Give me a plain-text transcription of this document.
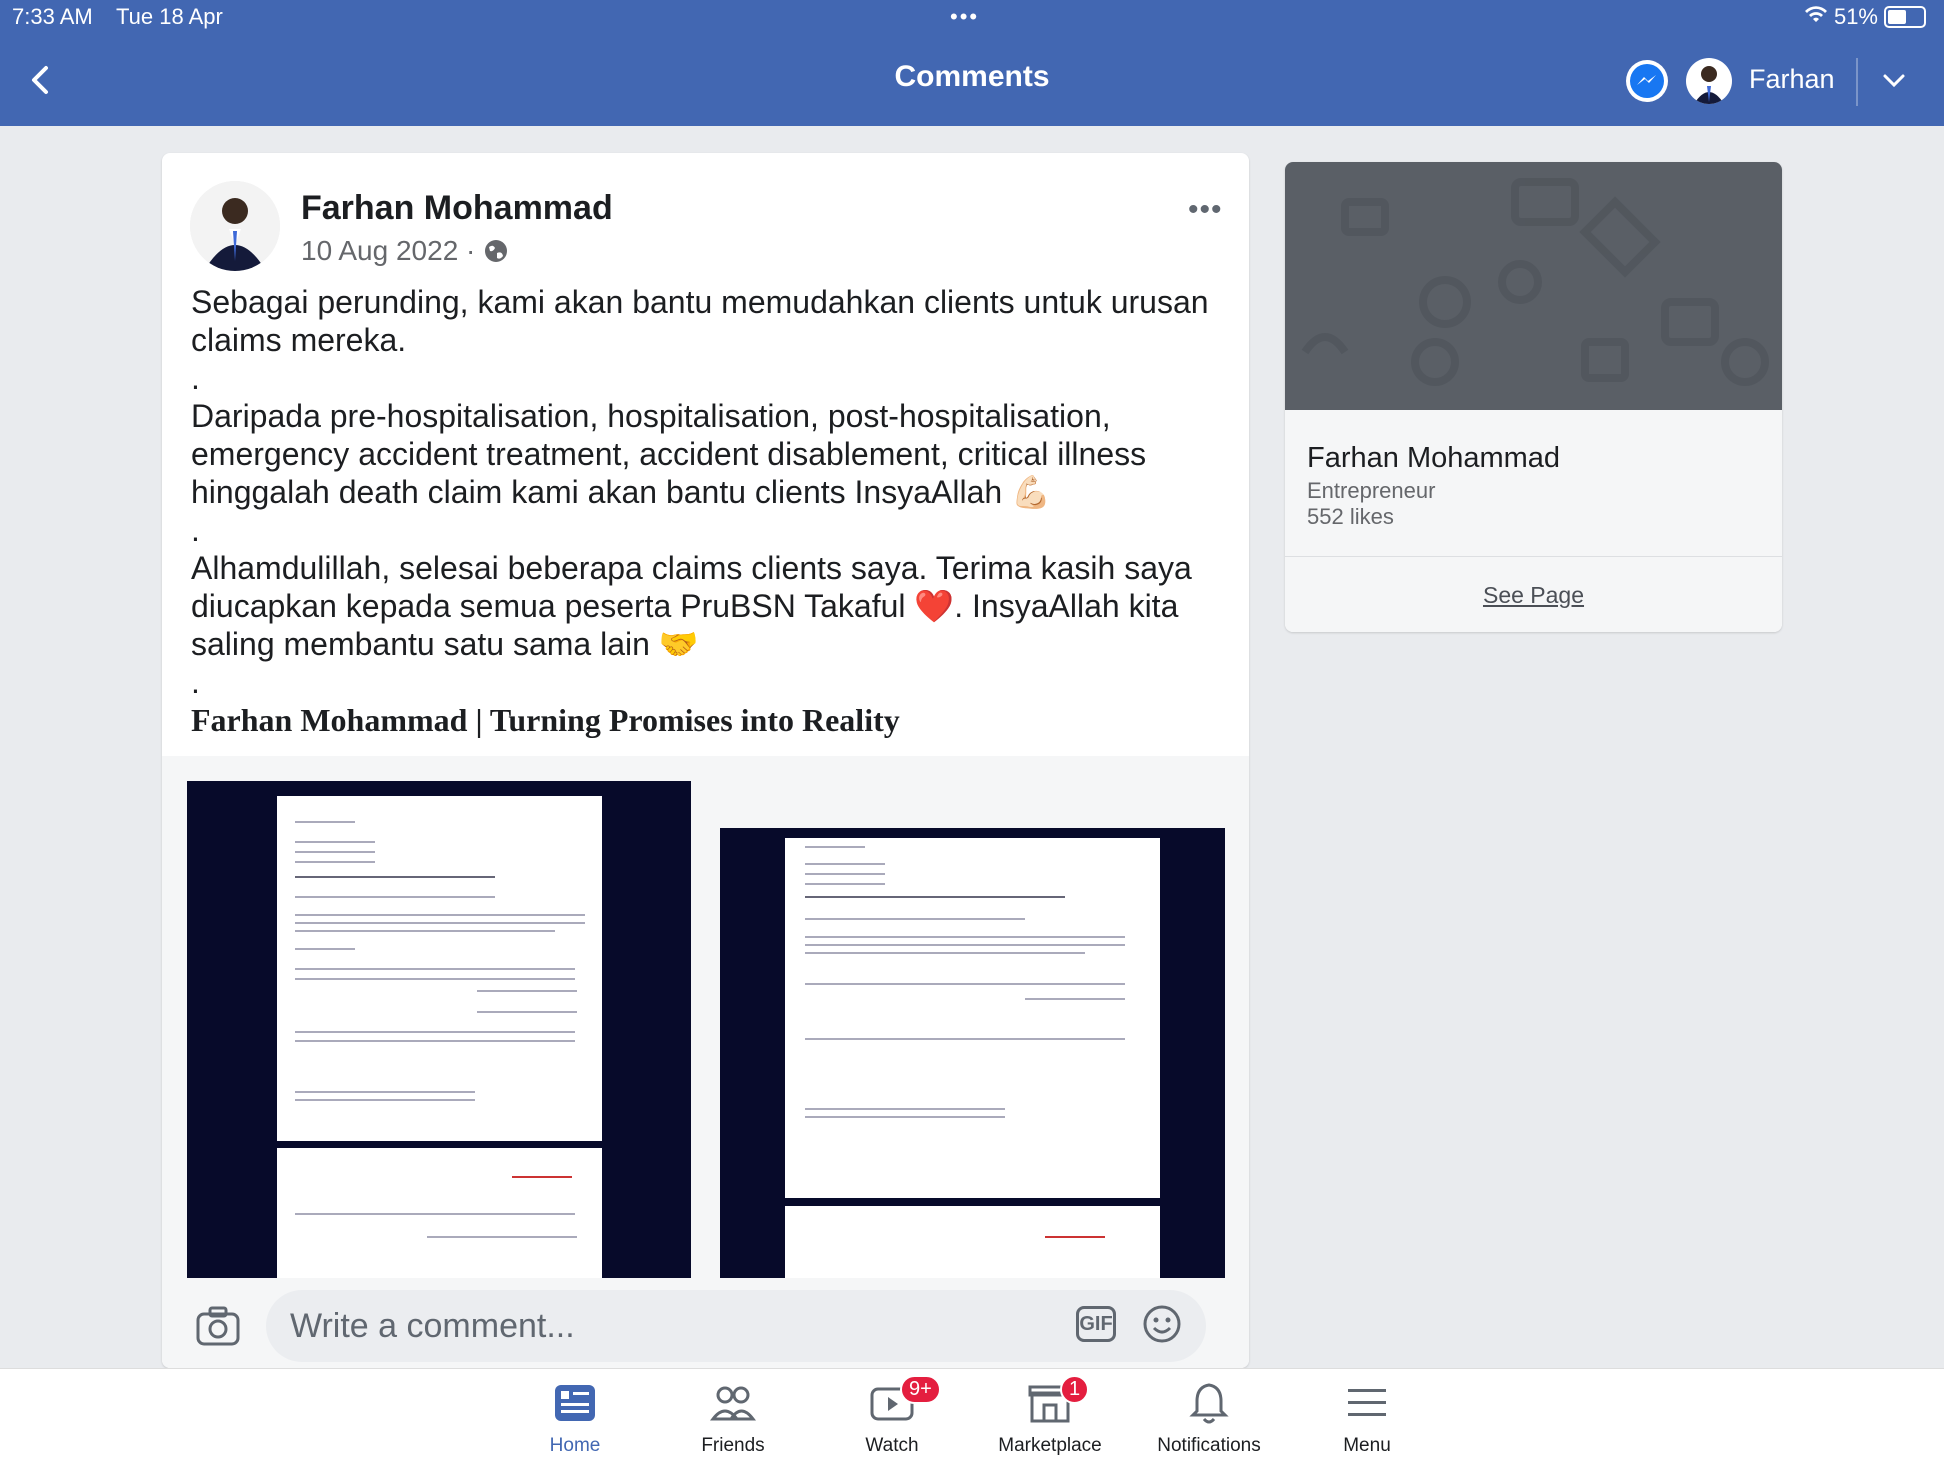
7:33 AM Tue 18 Apr	•••	51%
Comments	Farhan
Farhan Mohammad
10 Aug 2022 ·
•••

Sebagai perunding, kami akan bantu memudahkan clients untuk urusan claims mereka.

.

Daripada pre-hospitalisation, hospitalisation, post-hospitalisation, emergency accident treatment, accident disablement, critical illness hinggalah death claim kami akan bantu clients InsyaAllah 💪🏻

.

Alhamdulillah, selesai beberapa claims clients saya. Terima kasih saya diucapkan kepada semua peserta PruBSN Takaful ❤️. InsyaAllah kita saling membantu satu sama lain 🤝

.

Farhan Mohammad | Turning Promises into Reality

Write a comment...	GIF
Farhan Mohammad
Entrepreneur
552 likes
See Page
Home	Friends
9+
Watch
1
Marketplace	Notifications	Menu
